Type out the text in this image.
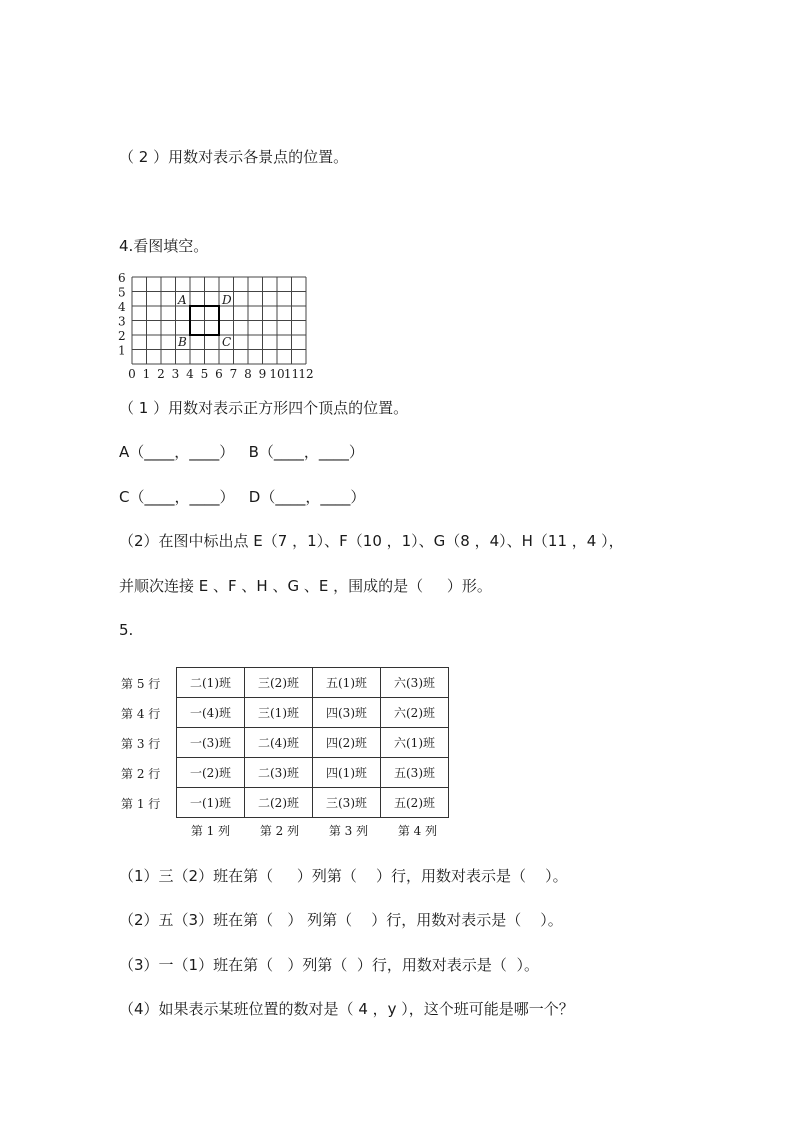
（ 2 ）用数对表示各景点的位置。
4.看图填空。
0 1 2 3 4 5 6 7 8 9 10 11 12
1
2
3
4
5
6
A	D
B	C
（ 1 ）用数对表示正方形四个顶点的位置。
A（____，____）   B（____，____）
C（____，____）   D（____，____）
（2）在图中标出点 E（7 ，1）、F（10 ，1）、G（8 ，4）、H（11 ，4 ），
并顺次连接 E 、F 、H 、G 、E ，围成的是（     ）形。
5.
第 5 行
第 4 行
第 3 行
第 2 行
第 1 行
二(1)班	三(2)班	五(1)班	六(3)班
一(4)班	三(1)班	四(3)班	六(2)班
一(3)班	二(4)班	四(2)班	六(1)班
一(2)班	二(3)班	四(1)班	五(3)班
一(1)班	二(2)班	三(3)班	五(2)班
第 1 列	第 2 列	第 3 列	第 4 列
（1）三（2）班在第（     ）列第（    ）行，用数对表示是（    ）。
（2）五（3）班在第（   ） 列第（    ）行，用数对表示是（    ）。
（3）一（1）班在第（   ）列第（  ）行，用数对表示是（  ）。
（4）如果表示某班位置的数对是（ 4 ，y ），这个班可能是哪一个？
